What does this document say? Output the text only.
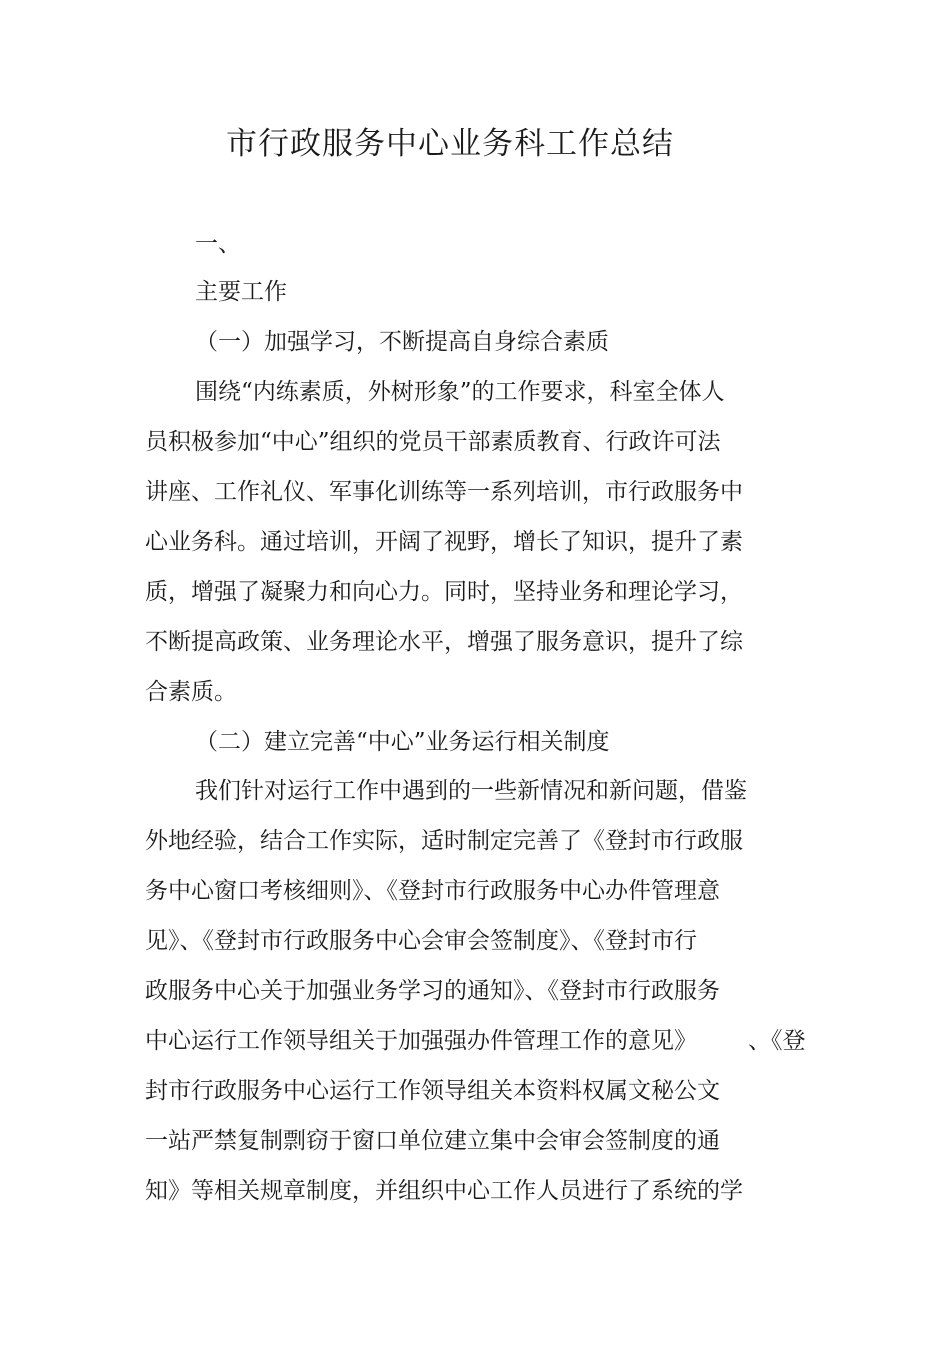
市行政服务中心业务科工作总结

一、

主要工作

（一）加强学习，不断提高自身综合素质

围绕“内练素质，外树形象”的工作要求，科室全体人

员积极参加“中心”组织的党员干部素质教育、行政许可法

讲座、工作礼仪、军事化训练等一系列培训，市行政服务中

心业务科。通过培训，开阔了视野，增长了知识，提升了素

质，增强了凝聚力和向心力。同时，坚持业务和理论学习，

不断提高政策、业务理论水平，增强了服务意识，提升了综

合素质。

（二）建立完善“中心”业务运行相关制度

我们针对运行工作中遇到的一些新情况和新问题，借鉴

外地经验，结合工作实际，适时制定完善了《登封市行政服

务中心窗口考核细则》、《登封市行政服务中心办件管理意

见》、《登封市行政服务中心会审会签制度》、《登封市行

政服务中心关于加强业务学习的通知》、《登封市行政服务

中心运行工作领导组关于加强强办件管理工作的意见》 、《登

封市行政服务中心运行工作领导组关本资料权属文秘公文

一站严禁复制剽窃于窗口单位建立集中会审会签制度的通

知》等相关规章制度，并组织中心工作人员进行了系统的学
